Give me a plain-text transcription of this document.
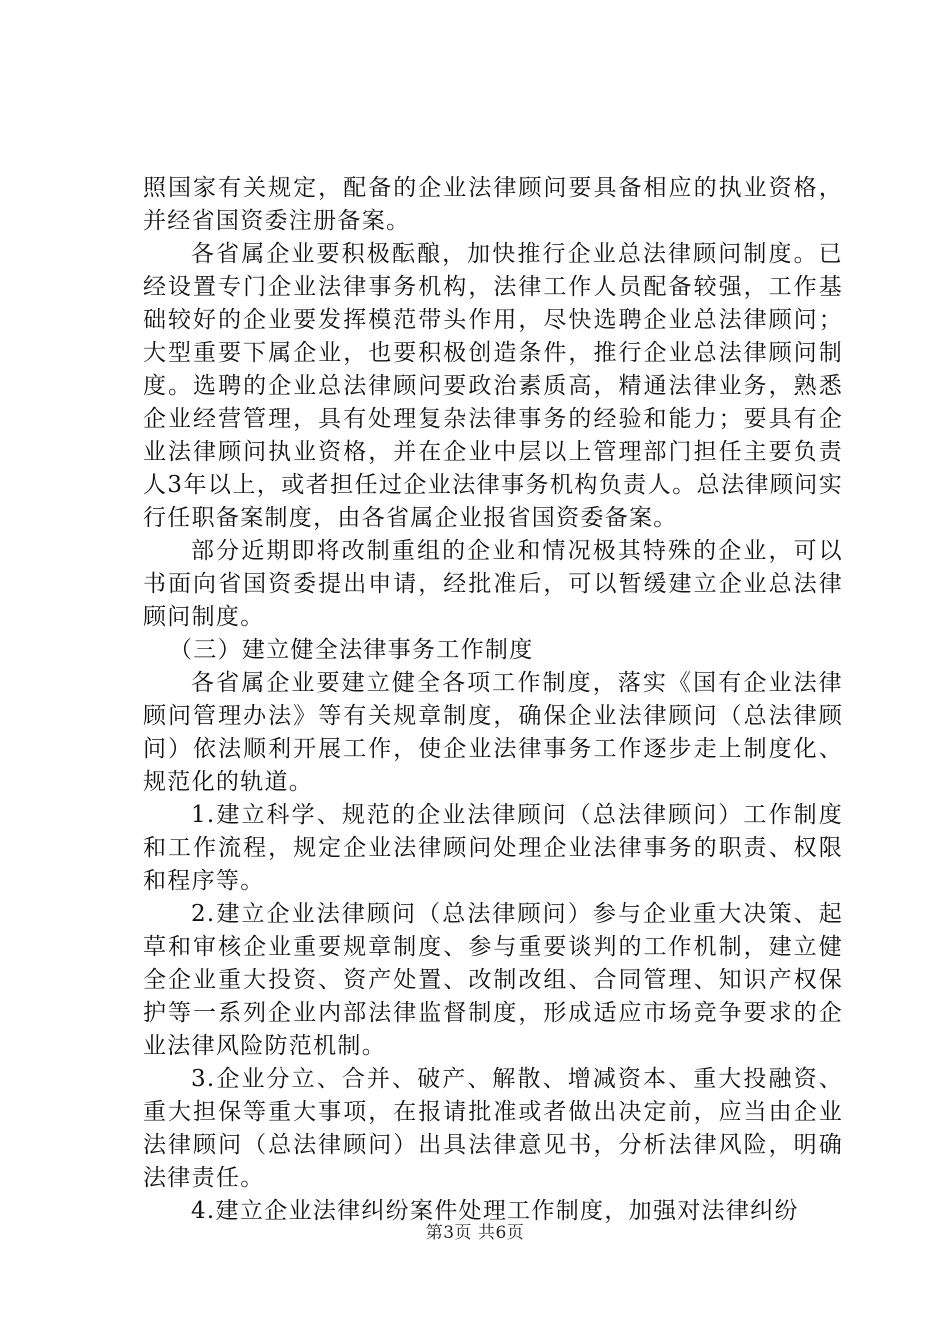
照国家有关规定，配备的企业法律顾问要具备相应的执业资格，并经省国资委注册备案。

各省属企业要积极酝酿，加快推行企业总法律顾问制度。已经设置专门企业法律事务机构，法律工作人员配备较强，工作基础较好的企业要发挥模范带头作用，尽快选聘企业总法律顾问；大型重要下属企业，也要积极创造条件，推行企业总法律顾问制度。选聘的企业总法律顾问要政治素质高，精通法律业务，熟悉企业经营管理，具有处理复杂法律事务的经验和能力；要具有企业法律顾问执业资格，并在企业中层以上管理部门担任主要负责人3年以上，或者担任过企业法律事务机构负责人。总法律顾问实行任职备案制度，由各省属企业报省国资委备案。

部分近期即将改制重组的企业和情况极其特殊的企业，可以书面向省国资委提出申请，经批准后，可以暂缓建立企业总法律顾问制度。

（三）建立健全法律事务工作制度

各省属企业要建立健全各项工作制度，落实《国有企业法律顾问管理办法》等有关规章制度，确保企业法律顾问（总法律顾问）依法顺利开展工作，使企业法律事务工作逐步走上制度化、规范化的轨道。

1.建立科学、规范的企业法律顾问（总法律顾问）工作制度和工作流程，规定企业法律顾问处理企业法律事务的职责、权限和程序等。

2.建立企业法律顾问（总法律顾问）参与企业重大决策、起草和审核企业重要规章制度、参与重要谈判的工作机制，建立健全企业重大投资、资产处置、改制改组、合同管理、知识产权保护等一系列企业内部法律监督制度，形成适应市场竞争要求的企业法律风险防范机制。

3.企业分立、合并、破产、解散、增减资本、重大投融资、重大担保等重大事项，在报请批准或者做出决定前，应当由企业法律顾问（总法律顾问）出具法律意见书，分析法律风险，明确法律责任。

4.建立企业法律纠纷案件处理工作制度，加强对法律纠纷

第3页 共6页
